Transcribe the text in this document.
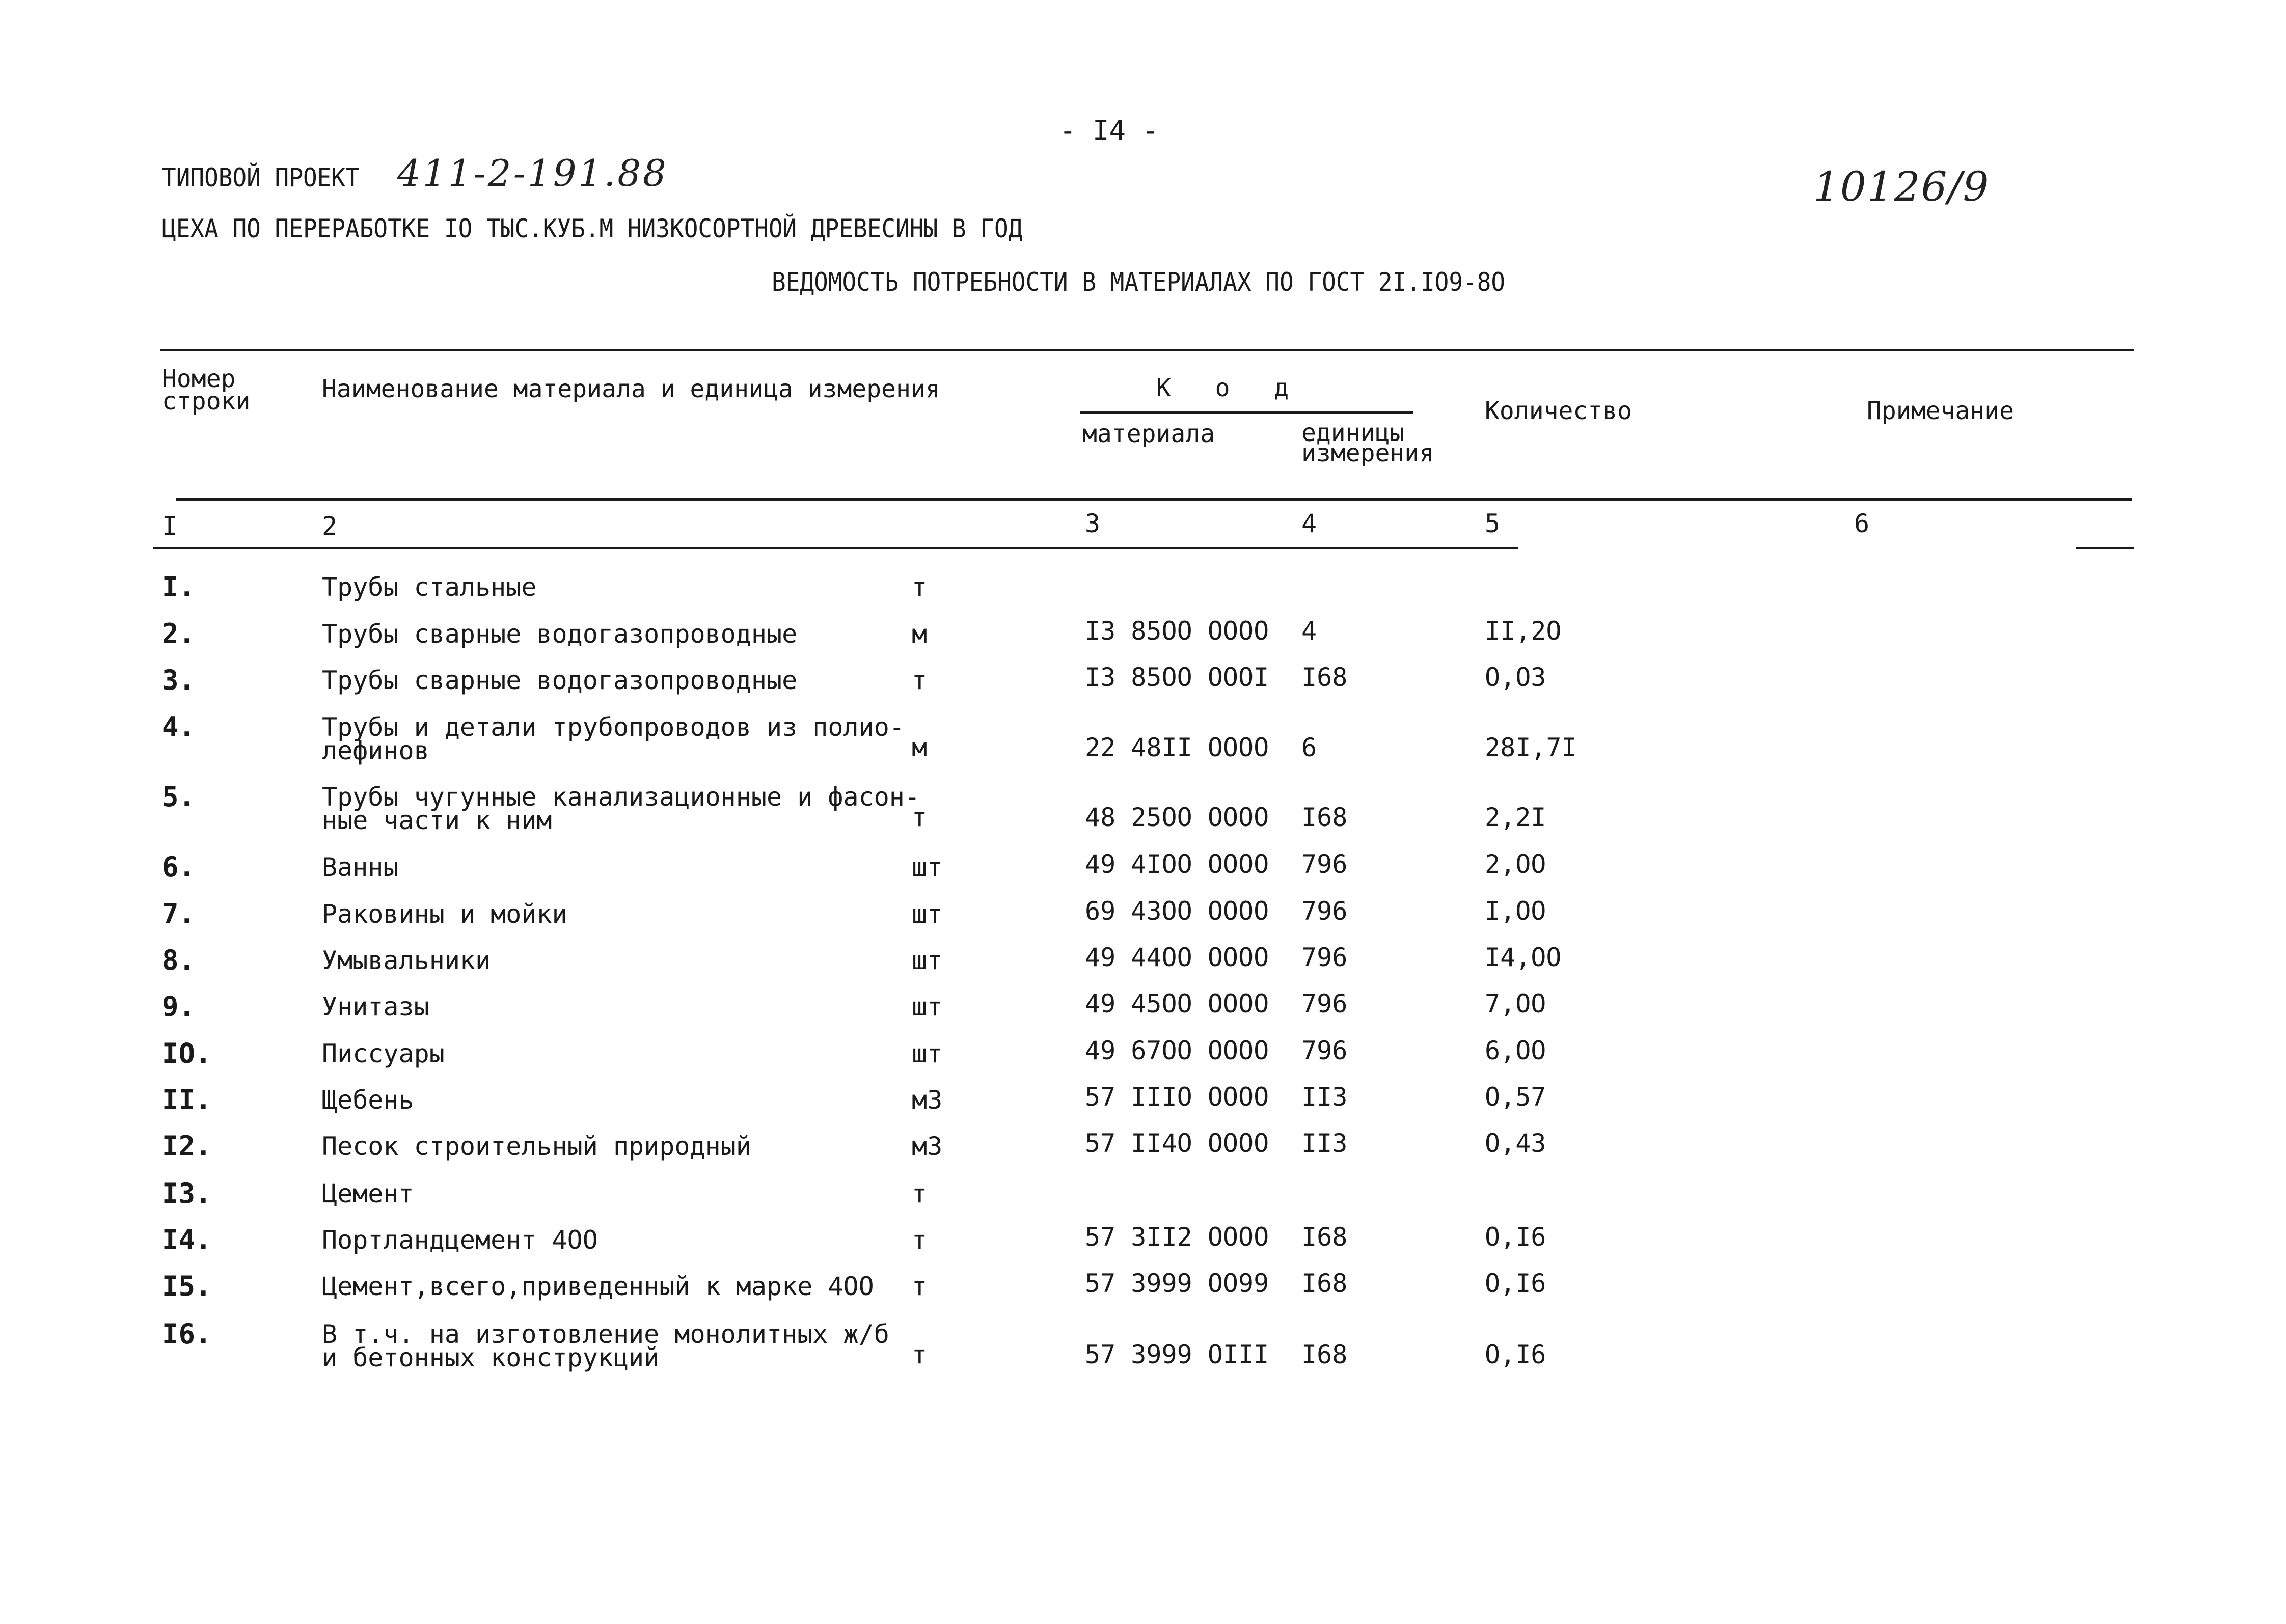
- I4 -
ТИПОВОЙ ПРОЕКТ 411-2-191.88	10126/9
ЦЕХА ПО ПЕРЕРАБОТКЕ IO ТЫС.КУБ.М НИЗКОСОРТНОЙ ДРЕВЕСИНЫ В ГОД
ВЕДОМОСТЬ ПОТРЕБНОСТИ В МАТЕРИАЛАХ ПО ГОСТ 2I.IO9-8O
Номер
строки	Наименование материала и единица измерения	К   о   д
материала	единицы
измерения
Количество	Примечание
I	2	3	4	5	6
I.	Трубы стальные	т
2.	Трубы сварные водогазопроводные	м	I3 85OO OOOO 4	II,2O
3.	Трубы сварные водогазопроводные	т	I3 85OO OOOI I68	O,O3
4.	Трубы и детали трубопроводов из полио-
лефинов	м	22 48II OOOO 6	28I,7I
5.	Трубы чугунные канализационные и фасон-
ные части к ним	т	48 25OO OOOO I68	2,2I
6.	Ванны	шт	49 4IOO OOOO 796	2,OO
7.	Раковины и мойки	шт	69 43OO OOOO 796	I,OO
8.	Умывальники	шт	49 44OO OOOO 796	I4,OO
9.	Унитазы	шт	49 45OO OOOO 796	7,OO
IO.	Писсуары	шт	49 67OO OOOO 796	6,OO
II.	Щебень	м3	57 IIIO OOOO II3	O,57
I2.	Песок строительный природный	м3	57 II4O OOOO II3	O,43
I3.	Цемент	т
I4.	Портландцемент 4OO	т	57 3II2 OOOO I68	O,I6
I5.	Цемент,всего,приведенный к марке 4OO т	57 3999 OO99 I68	O,I6
I6.	В т.ч. на изготовление монолитных ж/б
и бетонных конструкций	т	57 3999 OIII I68	O,I6
